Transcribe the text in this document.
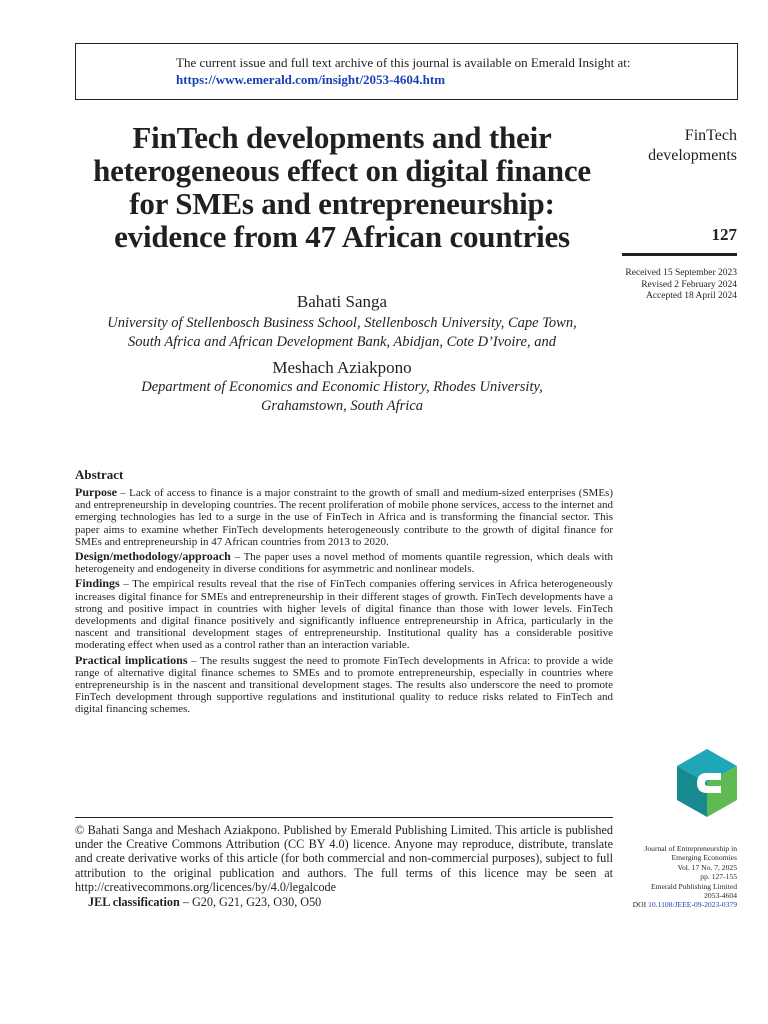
The current issue and full text archive of this journal is available on Emerald Insight at:
https://www.emerald.com/insight/2053-4604.htm
FinTech developments and their heterogeneous effect on digital finance for SMEs and entrepreneurship: evidence from 47 African countries
FinTech
developments
127
Received 15 September 2023
Revised 2 February 2024
Accepted 18 April 2024
Bahati Sanga
University of Stellenbosch Business School, Stellenbosch University, Cape Town,
South Africa and African Development Bank, Abidjan, Cote D’Ivoire, and
Meshach Aziakpono
Department of Economics and Economic History, Rhodes University,
Grahamstown, South Africa
Abstract

Purpose – Lack of access to finance is a major constraint to the growth of small and medium-sized enterprises (SMEs) and entrepreneurship in developing countries. The recent proliferation of mobile phone services, access to the internet and emerging technologies has led to a surge in the use of FinTech in Africa and is transforming the financial sector. This paper aims to examine whether FinTech developments heterogeneously contribute to the growth of digital finance for SMEs and entrepreneurship in 47 African countries from 2013 to 2020.

Design/methodology/approach – The paper uses a novel method of moments quantile regression, which deals with heterogeneity and endogeneity in diverse conditions for asymmetric and nonlinear models.

Findings – The empirical results reveal that the rise of FinTech companies offering services in Africa heterogeneously increases digital finance for SMEs and entrepreneurship in their different stages of growth. FinTech developments have a strong and positive impact in countries with higher levels of digital finance than those with lower levels. FinTech developments and digital finance positively and significantly influence entrepreneurship in Africa, particularly in the nascent and transitional development stages of entrepreneurship. Institutional quality has a considerable positive moderating effect when used as a control rather than an interaction variable.

Practical implications – The results suggest the need to promote FinTech developments in Africa: to provide a wide range of alternative digital finance schemes to SMEs and to promote entrepreneurship, especially in countries where entrepreneurship is in the nascent and transitional development stages. The results also underscore the need to promote FinTech development through supportive regulations and institutional quality to reduce risks related to FinTech and digital financing schemes.

© Bahati Sanga and Meshach Aziakpono. Published by Emerald Publishing Limited. This article is published under the Creative Commons Attribution (CC BY 4.0) licence. Anyone may reproduce, distribute, translate and create derivative works of this article (for both commercial and non-commercial purposes), subject to full attribution to the original publication and authors. The full terms of this licence may be seen at http://creativecommons.org/licences/by/4.0/legalcode
JEL classification – G20, G21, G23, O30, O50
Journal of Entrepreneurship in
Emerging Economies
Vol. 17 No. 7, 2025
pp. 127-155
Emerald Publishing Limited
2053-4604
DOI 10.1108/JEEE-09-2023-0379
